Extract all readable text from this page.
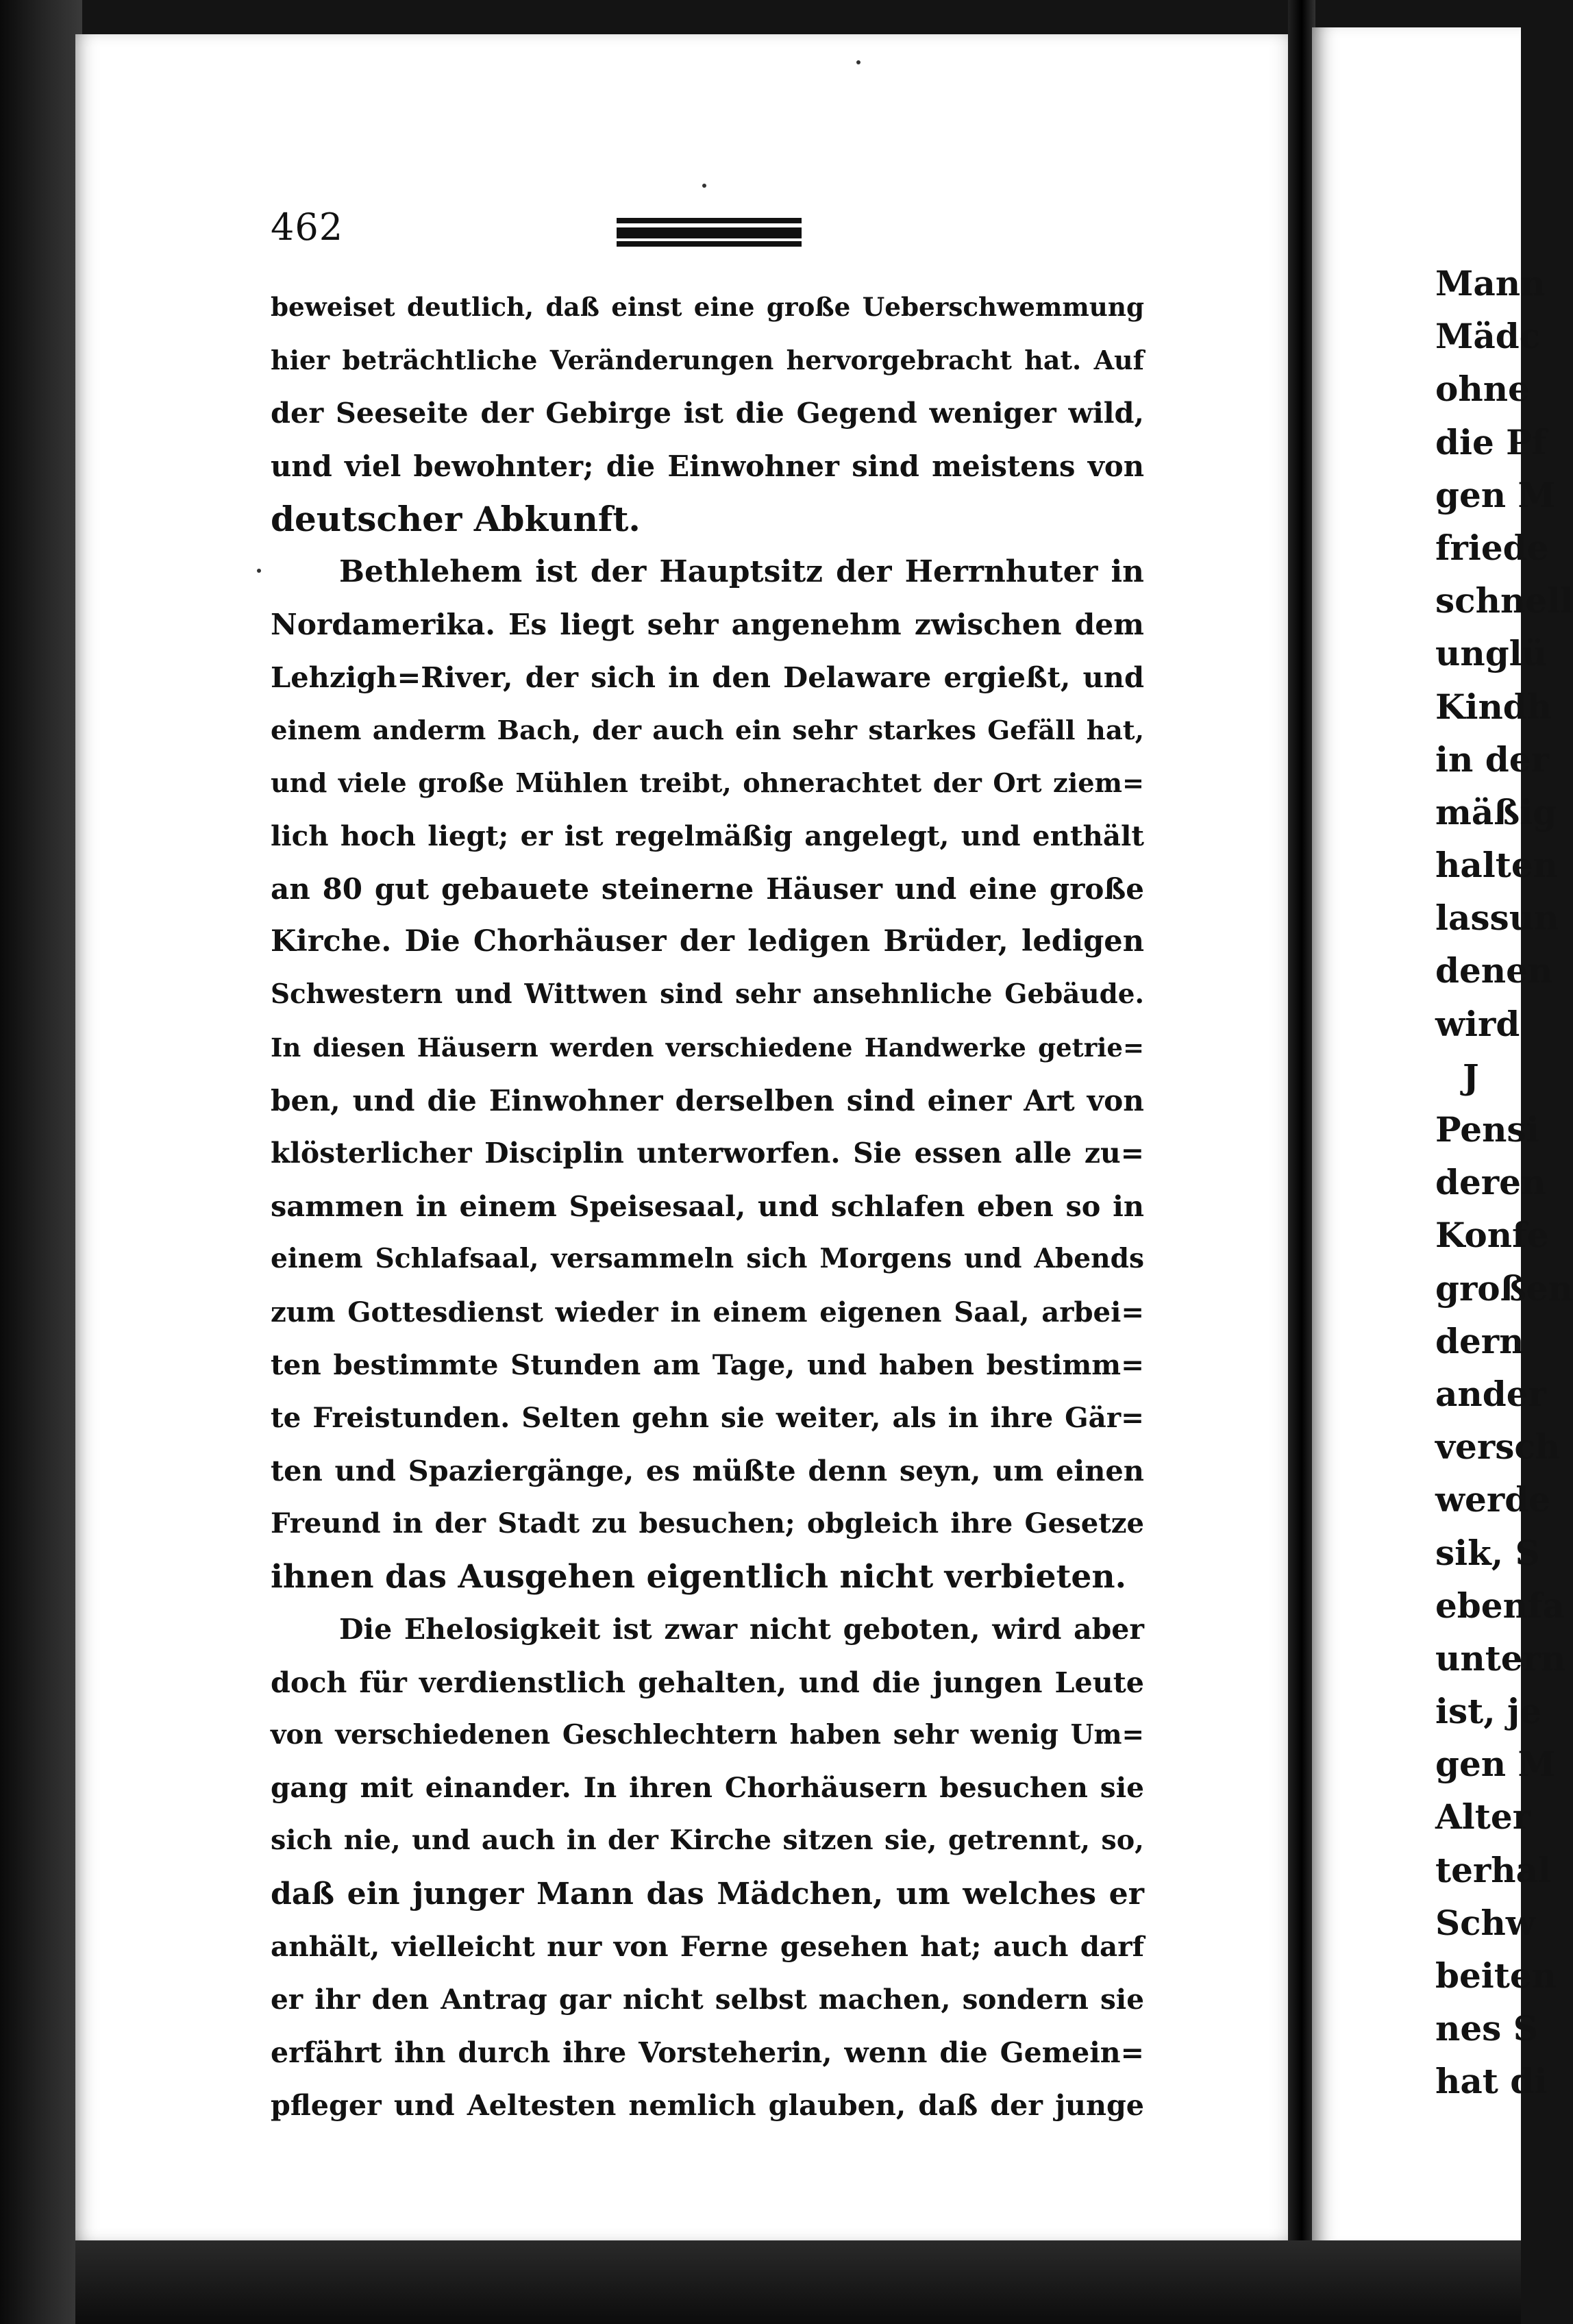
462
beweiset deutlich, daß einst eine große Ueberschwemmung
hier beträchtliche Veränderungen hervorgebracht hat. Auf
der Seeseite der Gebirge ist die Gegend weniger wild,
und viel bewohnter; die Einwohner sind meistens von
deutscher Abkunft.
Bethlehem ist der Hauptsitz der Herrnhuter in
Nordamerika. Es liegt sehr angenehm zwischen dem
Lehzigh=River, der sich in den Delaware ergießt, und
einem anderm Bach, der auch ein sehr starkes Gefäll hat,
und viele große Mühlen treibt, ohnerachtet der Ort ziem=
lich hoch liegt; er ist regelmäßig angelegt, und enthält
an 80 gut gebauete steinerne Häuser und eine große
Kirche. Die Chorhäuser der ledigen Brüder, ledigen
Schwestern und Wittwen sind sehr ansehnliche Gebäude.
In diesen Häusern werden verschiedene Handwerke getrie=
ben, und die Einwohner derselben sind einer Art von
klösterlicher Disciplin unterworfen. Sie essen alle zu=
sammen in einem Speisesaal, und schlafen eben so in
einem Schlafsaal, versammeln sich Morgens und Abends
zum Gottesdienst wieder in einem eigenen Saal, arbei=
ten bestimmte Stunden am Tage, und haben bestimm=
te Freistunden. Selten gehn sie weiter, als in ihre Gär=
ten und Spaziergänge, es müßte denn seyn, um einen
Freund in der Stadt zu besuchen; obgleich ihre Gesetze
ihnen das Ausgehen eigentlich nicht verbieten.
Die Ehelosigkeit ist zwar nicht geboten, wird aber
doch für verdienstlich gehalten, und die jungen Leute
von verschiedenen Geschlechtern haben sehr wenig Um=
gang mit einander. In ihren Chorhäusern besuchen sie
sich nie, und auch in der Kirche sitzen sie, getrennt, so,
daß ein junger Mann das Mädchen, um welches er
anhält, vielleicht nur von Ferne gesehen hat; auch darf
er ihr den Antrag gar nicht selbst machen, sondern sie
erfährt ihn durch ihre Vorsteherin, wenn die Gemein=
pfleger und Aeltesten nemlich glauben, daß der junge
Mann
Mädc
ohne
die Pf
gen M
friede
schnell
unglü
Kindh
in der
mäßig
halten
lassun
denen
wird
J
Pensi
deren
Konfe
großen
dern
ander
versch
werde
sik, S
ebenfa
untern
ist, je
gen M
Alter
terhal
Schw
beiten
nes S
hat di
